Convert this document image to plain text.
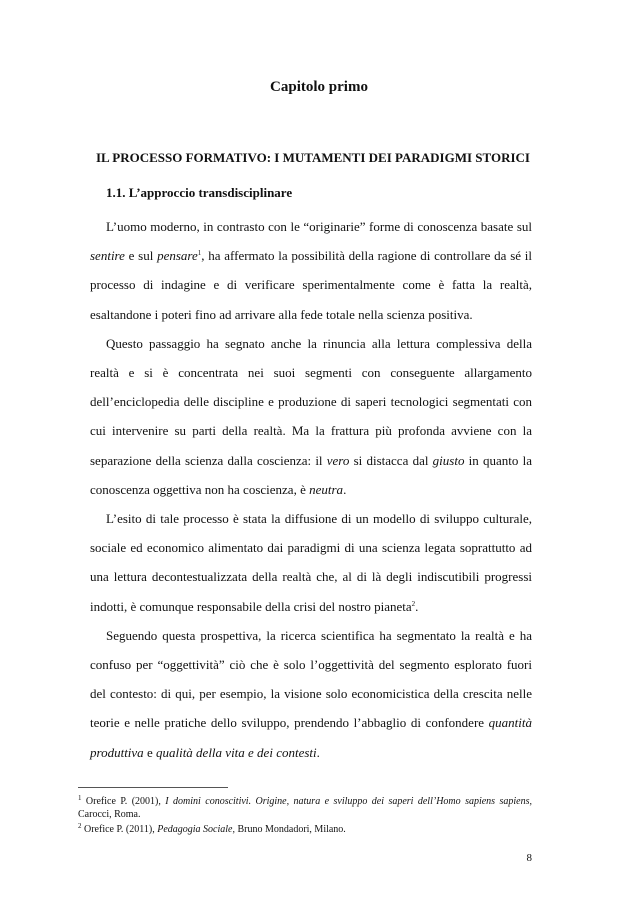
Capitolo primo
IL PROCESSO FORMATIVO: I MUTAMENTI DEI PARADIGMI STORICI
1.1. L’approccio transdisciplinare

L’uomo moderno, in contrasto con le “originarie” forme di conoscenza basate sul sentire e sul pensare$^1$, ha affermato la possibilità della ragione di controllare da sé il processo di indagine e di verificare sperimentalmente come è fatta la realtà, esaltandone i poteri fino ad arrivare alla fede totale nella scienza positiva.

Questo passaggio ha segnato anche la rinuncia alla lettura complessiva della realtà e si è concentrata nei suoi segmenti con conseguente allargamento dell’enciclopedia delle discipline e produzione di saperi tecnologici segmentati con cui intervenire su parti della realtà. Ma la frattura più profonda avviene con la separazione della scienza dalla coscienza: il vero si distacca dal giusto in quanto la conoscenza oggettiva non ha coscienza, è neutra.

L’esito di tale processo è stata la diffusione di un modello di sviluppo culturale, sociale ed economico alimentato dai paradigmi di una scienza legata soprattutto ad una lettura decontestualizzata della realtà che, al di là degli indiscutibili progressi indotti, è comunque responsabile della crisi del nostro pianeta$^2$.

Seguendo questa prospettiva, la ricerca scientifica ha segmentato la realtà e ha confuso per “oggettività” ciò che è solo l’oggettività del segmento esplorato fuori del contesto: di qui, per esempio, la visione solo economicistica della crescita nelle teorie e nelle pratiche dello sviluppo, prendendo l’abbaglio di confondere quantità produttiva e qualità della vita e dei contesti.

$^1$ Orefice P. (2001), I domini conoscitivi. Origine, natura e sviluppo dei saperi dell’Homo sapiens sapiens, Carocci, Roma.

$^2$ Orefice P. (2011), Pedagogia Sociale, Bruno Mondadori, Milano.

8
